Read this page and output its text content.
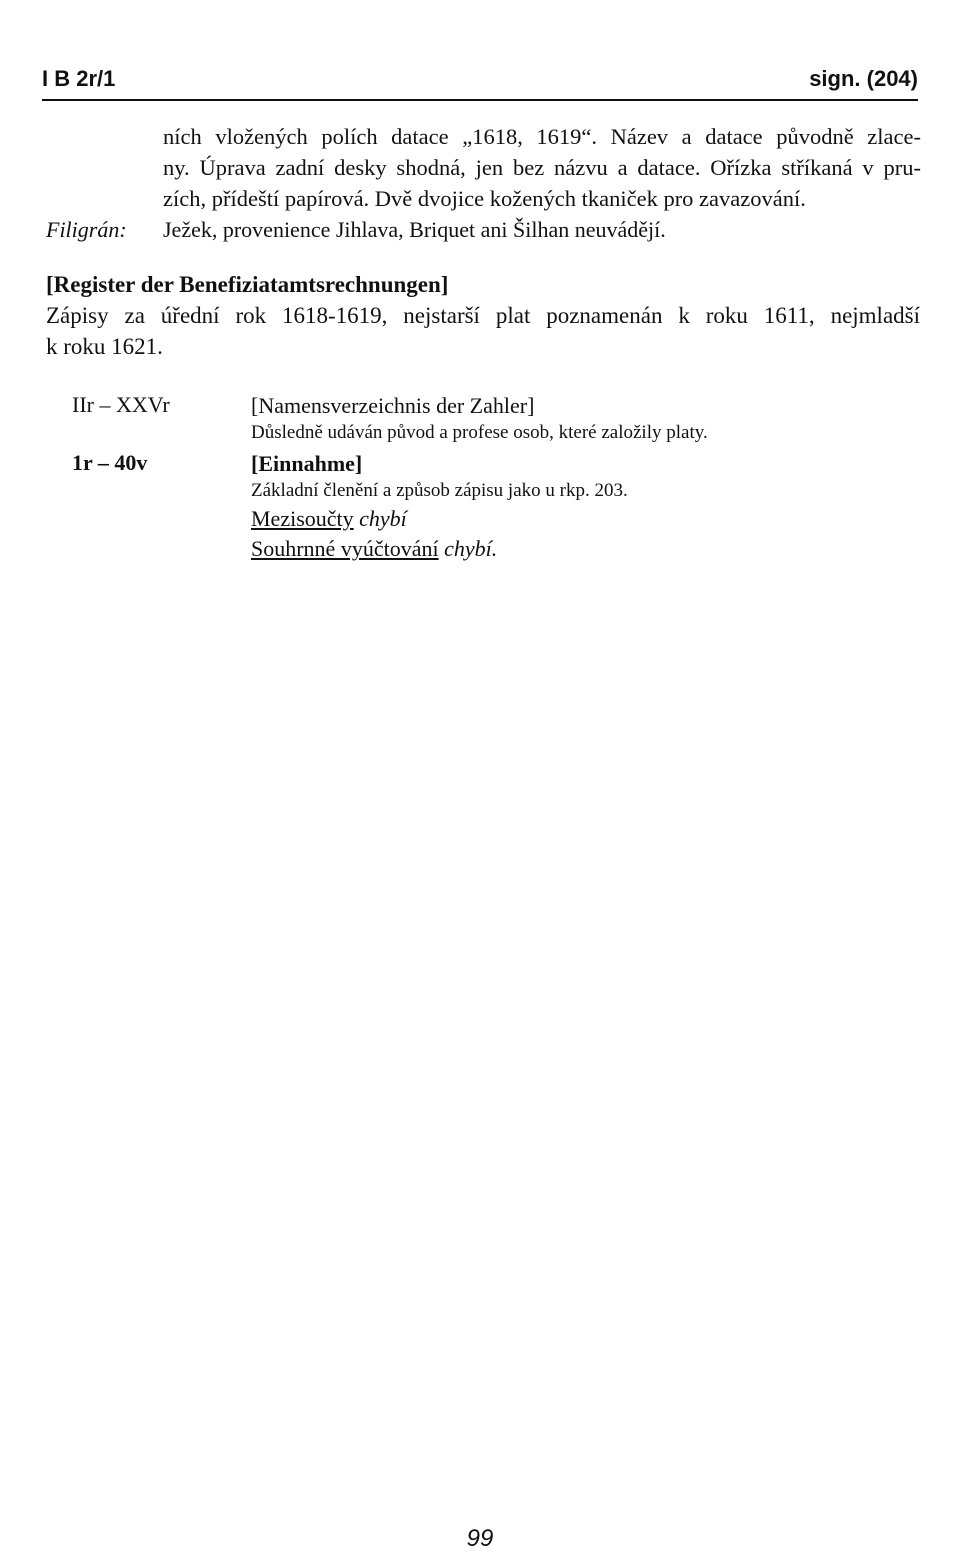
I B 2r/1	sign. (204)
ních vložených polích datace „1618, 1619“. Název a datace původně zlace-
ny. Úprava zadní desky shodná, jen bez názvu a datace. Ořízka stříkaná v pru-
zích, přídeští papírová. Dvě dvojice kožených tkaniček pro zavazování.
Filigrán: Ježek, provenience Jihlava, Briquet ani Šilhan neuvádějí.
[Register der Benefiziatamtsrechnungen]
Zápisy za úřední rok 1618-1619, nejstarší plat poznamenán k roku 1611, nejmladší
k roku 1621.
IIr – XXVr	[Namensverzeichnis der Zahler]
Důsledně udáván původ a profese osob, které založily platy.
1r – 40v	[Einnahme]
Základní členění a způsob zápisu jako u rkp. 203.
Mezisoučty chybí
Souhrnné vyúčtování chybí.
99
